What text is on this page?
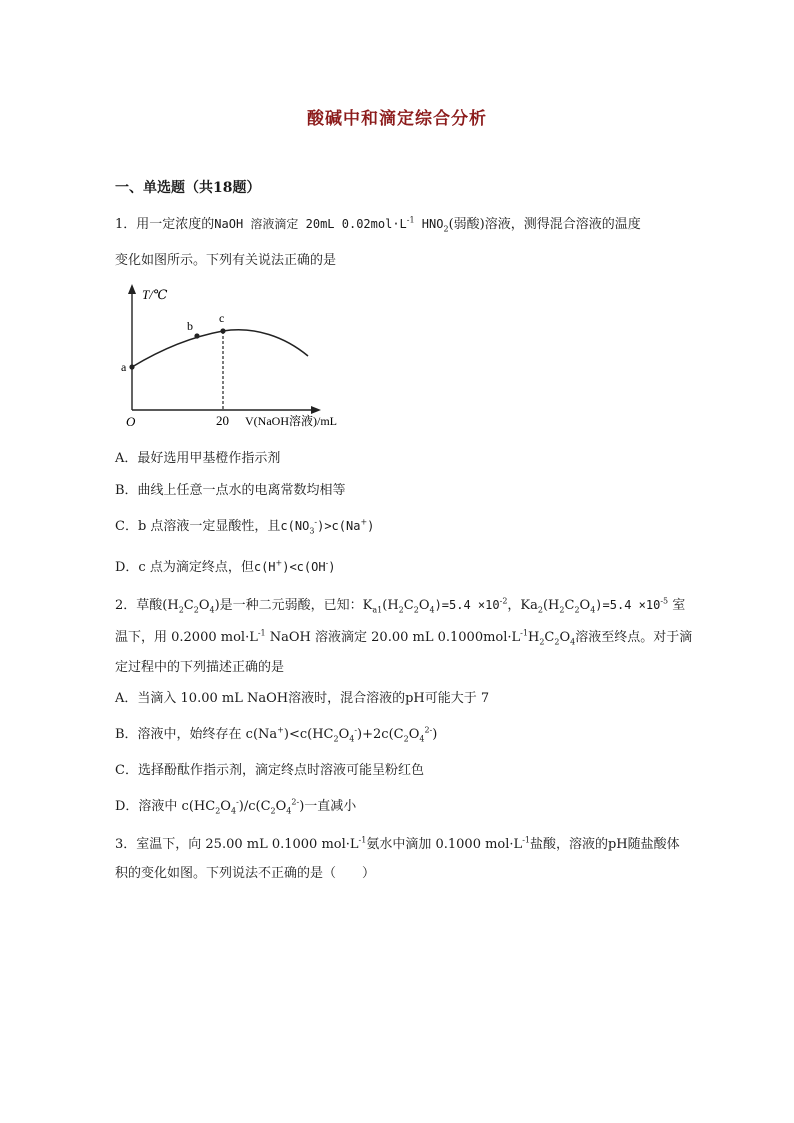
酸碱中和滴定综合分析
一、单选题（共18题）
1．用一定浓度的NaOH 溶液滴定 20mL $0.02mol\cdot L^{-1}$ $HNO_2$(弱酸)溶液，测得混合溶液的温度
变化如图所示。下列有关说法正确的是
T/℃
O	20 V(NaOH溶液)/mL
a
b
c
A．最好选用甲基橙作指示剂
B．曲线上任意一点水的电离常数均相等
C．b 点溶液一定显酸性，且$c(NO_3^-)>c(Na^+)$
D．c 点为滴定终点，但c(H+)<c(OH-)
2．草酸$(H_2C_2O_4)$是一种二元弱酸，已知：$K_{a1}(H_2C_2O_4)=5.4 \times 10^{-2}$，$Ka_2(H_2C_2O_4)=5.4 \times 10^{-5}$ 室
温下，用 0.2000 $mol\cdot L^{-1}$ NaOH 溶液滴定 20.00 mL $0.1000mol\cdot L^{-1}H_2C_2O_4$溶液至终点。对于滴
定过程中的下列描述正确的是
A．当滴入 10.00 mL NaOH溶液时，混合溶液的pH可能大于 7
B．溶液中，始终存在 $c(Na^+)<c(HC_2O_4^-)+2c(C_2O_4^{2-})$
C．选择酚酞作指示剂，滴定终点时溶液可能呈粉红色
D．溶液中 $c(HC_2O_4^-)/c(C_2O_4^{2-})$一直减小
3．室温下，向 25.00 mL 0.1000 $mol\cdot L^{-1}$氨水中滴加 0.1000 $mol\cdot L^{-1}$盐酸，溶液的pH随盐酸体
积的变化如图。下列说法不正确的是（　　）
